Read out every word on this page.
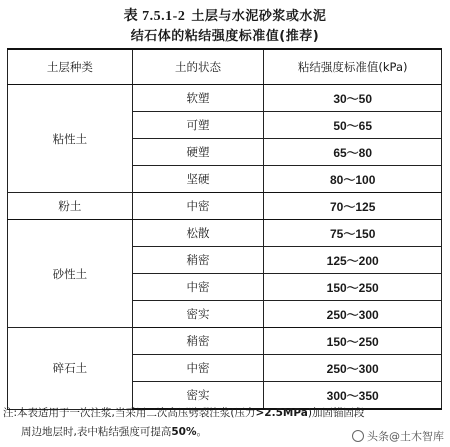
表 7.5.1-2 土层与水泥砂浆或水泥
结石体的粘结强度标准值(推荐)
土层种类	土的状态	粘结强度标准值(kPa)
粘性土	软塑	30～50
	可塑	50～65
	硬塑	65～80
	坚硬	80～100
粉土	中密	70～125
砂性土	松散	75～150
	稍密	125～200
	中密	150～250
	密实	250～300
碎石土	稍密	150～250
	中密	250～300
	密实	300～350
注:本表适用于一次注浆,当采用二次高压劈裂注浆(压力>2.5MPa)加固锚固段
周边地层时,表中粘结强度可提高50%。	头条@土木智库
